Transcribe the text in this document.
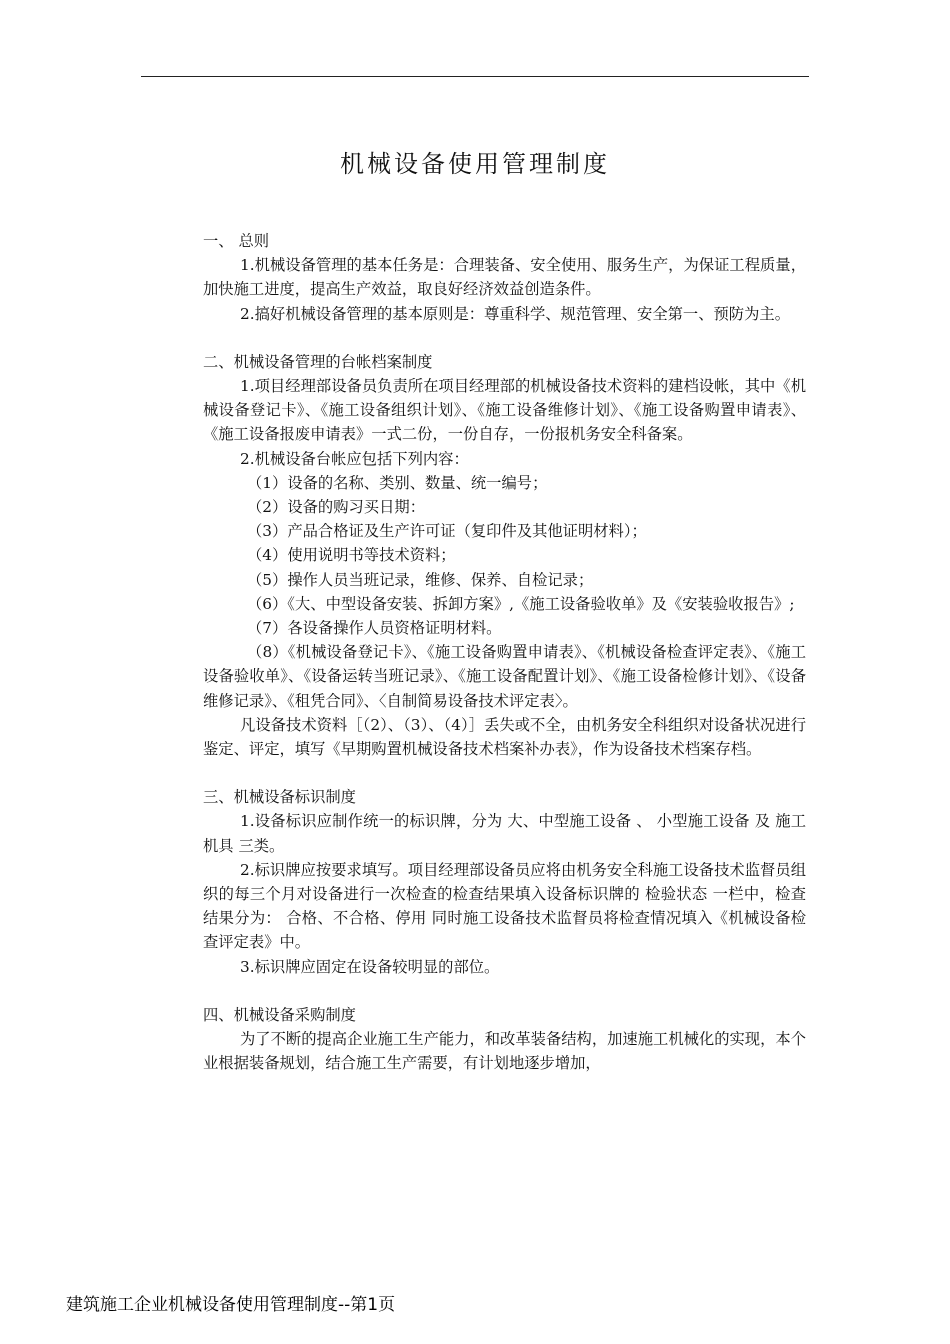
机械设备使用管理制度

一、 总则

1.机械设备管理的基本任务是：合理装备、安全使用、服务生产，为保证工程质量，加快施工进度，提高生产效益，取良好经济效益创造条件。

2.搞好机械设备管理的基本原则是：尊重科学、规范管理、安全第一、预防为主。

二、机械设备管理的台帐档案制度

1.项目经理部设备员负责所在项目经理部的机械设备技术资料的建档设帐，其中《机械设备登记卡》、《施工设备组织计划》、《施工设备维修计划》、《施工设备购置申请表》、《施工设备报废申请表》一式二份，一份自存，一份报机务安全科备案。

2.机械设备台帐应包括下列内容：

（1）设备的名称、类别、数量、统一编号；

（2）设备的购习买日期：

（3）产品合格证及生产许可证（复印件及其他证明材料）；

（4）使用说明书等技术资料；

（5）操作人员当班记录，维修、保养、自检记录；

（6）《大、中型设备安装、拆卸方案》,《施工设备验收单》及《安装验收报告》;

（7）各设备操作人员资格证明材料。

（8）《机械设备登记卡》、《施工设备购置申请表》、《机械设备检查评定表》、《施工设备验收单》、《设备运转当班记录》、《施工设备配置计划》、《施工设备检修计划》、《设备维修记录》、《租凭合同》、〈自制简易设备技术评定表〉。

凡设备技术资料［（2）、（3）、（4）］丢失或不全，由机务安全科组织对设备状况进行鉴定、评定，填写《早期购置机械设备技术档案补办表》，作为设备技术档案存档。

三、机械设备标识制度

1.设备标识应制作统一的标识牌，分为 大、中型施工设备 、 小型施工设备 及 施工机具 三类。

2.标识牌应按要求填写。项目经理部设备员应将由机务安全科施工设备技术监督员组织的每三个月对设备进行一次检查的检查结果填入设备标识牌的 检验状态 一栏中，检查结果分为： 合格、不合格、停用 同时施工设备技术监督员将检查情况填入《机械设备检查评定表》中。

3.标识牌应固定在设备较明显的部位。

四、机械设备采购制度

为了不断的提高企业施工生产能力，和改革装备结构，加速施工机械化的实现，本个业根据装备规划，结合施工生产需要，有计划地逐步增加，

建筑施工企业机械设备使用管理制度--第1页
